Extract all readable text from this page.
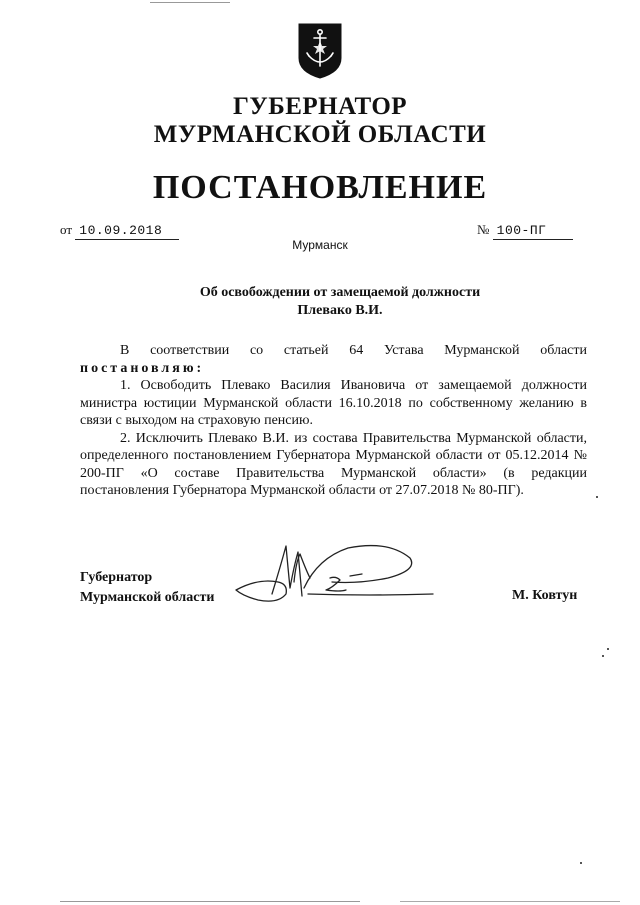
ГУБЕРНАТОР
МУРМАНСКОЙ ОБЛАСТИ
ПОСТАНОВЛЕНИЕ
от 10.09.2018	№ 100-ПГ
Мурманск
Об освобождении от замещаемой должности
Плевако В.И.

В соответствии со статьей 64 Устава Мурманской области

постановляю:

1. Освободить Плевако Василия Ивановича от замещаемой должности министра юстиции Мурманской области 16.10.2018 по собственному желанию в связи с выходом на страховую пенсию.

2. Исключить Плевако В.И. из состава Правительства Мурманской области, определенного постановлением Губернатора Мурманской области от 05.12.2014 № 200-ПГ «О составе Правительства Мурманской области» (в редакции постановления Губернатора Мурманской области от 27.07.2018 № 80-ПГ).

Губернатор
Мурманской области	М. Ковтун
